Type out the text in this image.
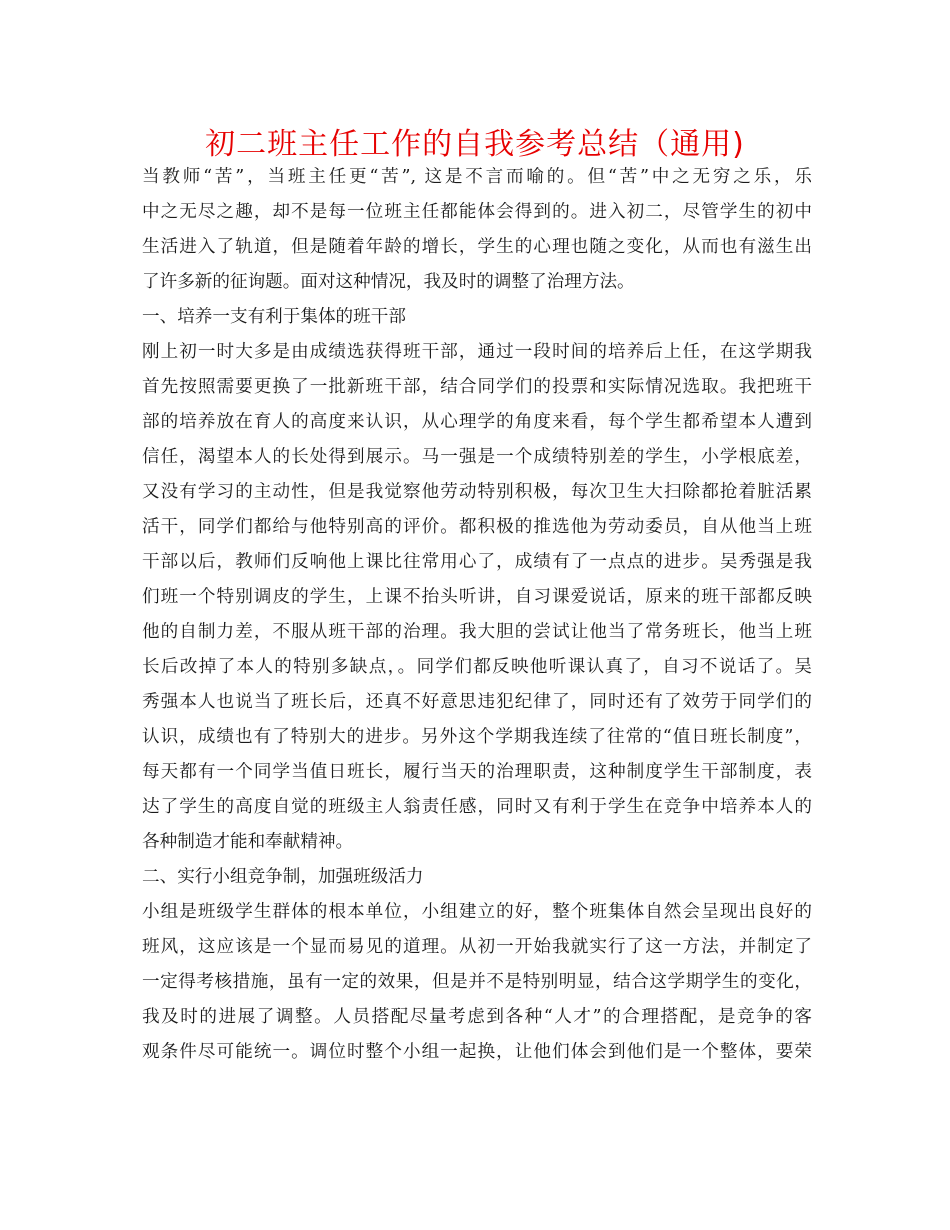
初二班主任工作的自我参考总结（通用)
当教师“苦”，当班主任更“苦”, 这是不言而喻的。但“苦”中之无穷之乐，乐
中之无尽之趣，却不是每一位班主任都能体会得到的。进入初二，尽管学生的初中
生活进入了轨道，但是随着年龄的增长，学生的心理也随之变化，从而也有滋生出
了许多新的征询题。面对这种情况，我及时的调整了治理方法。
一、培养一支有利于集体的班干部
刚上初一时大多是由成绩选获得班干部，通过一段时间的培养后上任，在这学期我
首先按照需要更换了一批新班干部，结合同学们的投票和实际情况选取。我把班干
部的培养放在育人的高度来认识，从心理学的角度来看，每个学生都希望本人遭到
信任，渴望本人的长处得到展示。马一强是一个成绩特别差的学生，小学根底差，
又没有学习的主动性，但是我觉察他劳动特别积极，每次卫生大扫除都抢着脏活累
活干，同学们都给与他特别高的评价。都积极的推选他为劳动委员，自从他当上班
干部以后，教师们反响他上课比往常用心了，成绩有了一点点的进步。吴秀强是我
们班一个特别调皮的学生，上课不抬头听讲，自习课爱说话，原来的班干部都反映
他的自制力差，不服从班干部的治理。我大胆的尝试让他当了常务班长，他当上班
长后改掉了本人的特别多缺点，。同学们都反映他听课认真了，自习不说话了。吴
秀强本人也说当了班长后，还真不好意思违犯纪律了，同时还有了效劳于同学们的
认识，成绩也有了特别大的进步。另外这个学期我连续了往常的“值日班长制度”，
每天都有一个同学当值日班长，履行当天的治理职责，这种制度学生干部制度，表
达了学生的高度自觉的班级主人翁责任感，同时又有利于学生在竞争中培养本人的
各种制造才能和奉献精神。
二、实行小组竞争制，加强班级活力
小组是班级学生群体的根本单位，小组建立的好，整个班集体自然会呈现出良好的
班风，这应该是一个显而易见的道理。从初一开始我就实行了这一方法，并制定了
一定得考核措施，虽有一定的效果，但是并不是特别明显，结合这学期学生的变化，
我及时的进展了调整。人员搭配尽量考虑到各种“人才”的合理搭配，是竞争的客
观条件尽可能统一。调位时整个小组一起换，让他们体会到他们是一个整体，要荣
